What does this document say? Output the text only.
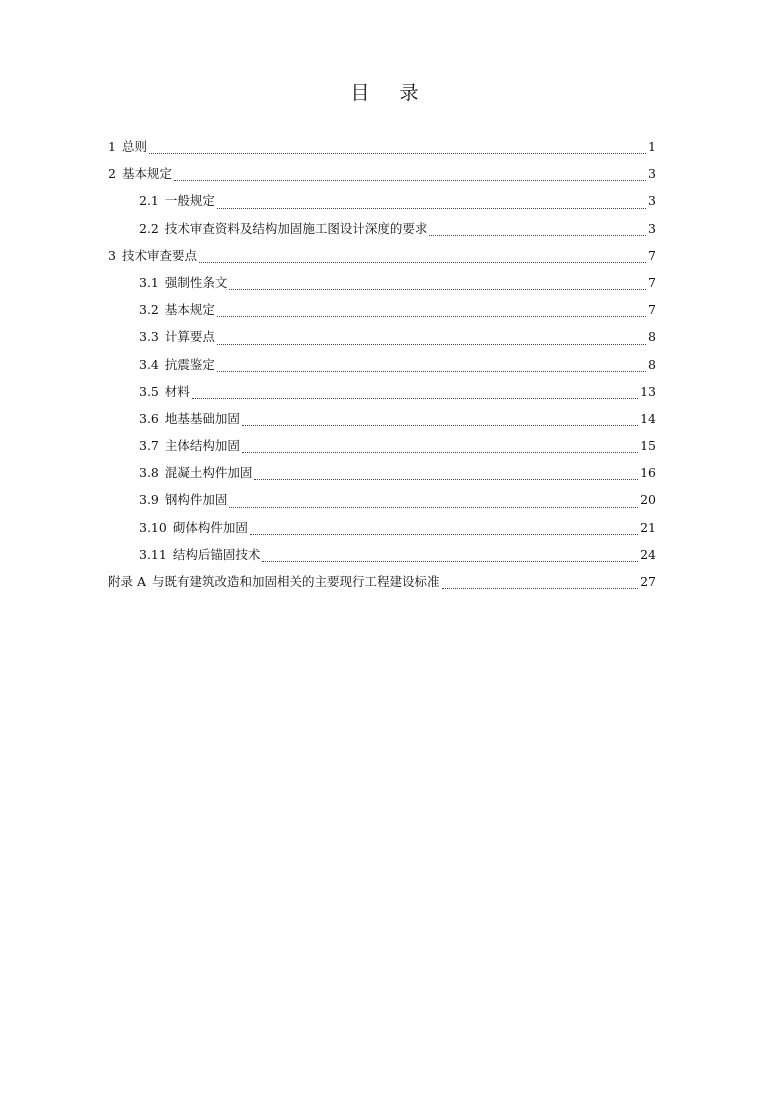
目 录
1 总则	1
2 基本规定	3
2.1 一般规定	3
2.2 技术审查资料及结构加固施工图设计深度的要求	3
3 技术审查要点	7
3.1 强制性条文	7
3.2 基本规定	7
3.3 计算要点	8
3.4 抗震鉴定	8
3.5 材料	13
3.6 地基基础加固	14
3.7 主体结构加固	15
3.8 混凝土构件加固	16
3.9 钢构件加固	20
3.10 砌体构件加固	21
3.11 结构后锚固技术	24
附录 A 与既有建筑改造和加固相关的主要现行工程建设标准	27
